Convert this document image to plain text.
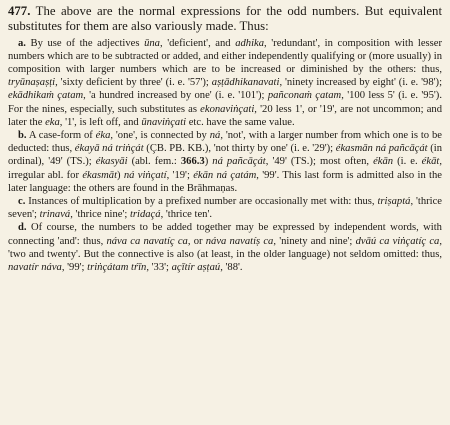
477. The above are the normal expressions for the odd numbers. But equivalent substitutes for them are also variously made. Thus:

a. By use of the adjectives ūna, 'deficient', and adhika, 'redundant', in composition with lesser numbers which are to be subtracted or added, and either independently qualifying or (more usually) in composition with larger numbers which are to be increased or diminished by the others: thus, tryūnaṣaṣṭi, 'sixty deficient by three' (i. e. '57'); aṣṭādhikanavati, 'ninety increased by eight' (i. e. '98'); ekādhikaṁ çatam, 'a hundred increased by one' (i. e. '101'); pañconaṁ çatam, '100 less 5' (i. e. '95'). For the nines, especially, such substitutes as ekonaviṅçati, '20 less 1', or '19', are not uncommon; and later the eka, '1', is left off, and ūnaviṅçati etc. have the same value.

b. A case-form of éka, 'one', is connected by ná, 'not', with a larger number from which one is to be deducted: thus, ékayā ná triṅçát (ÇB. PB. KB.), 'not thirty by one' (i. e. '29'); ékasmān ná pañcāçát (in ordinal), '49' (TS.); ékasyāi (abl. fem.: 366.3) ná pañcāçát, '49' (TS.); most often, ékān (i. e. ékāt, irregular abl. for ékasmāt) ná viṅçatí, '19'; ékān ná çatám, '99'. This last form is admitted also in the later language: the others are found in the Brāhmaṇas.

c. Instances of multiplication by a prefixed number are occasionally met with: thus, triṣaptá, 'thrice seven'; trinavá, 'thrice nine'; tridaçá, 'thrice ten'.

d. Of course, the numbers to be added together may be expressed by independent words, with connecting 'and': thus, náva ca navatíç ca, or náva navatíṣ ca, 'ninety and nine'; dvāú ca viṅçatíç ca, 'two and twenty'. But the connective is also (at least, in the older language) not seldom omitted: thus, navatír náva, '99'; triṅçátam tŕīn, '33'; açītír aṣṭaú, '88'.
